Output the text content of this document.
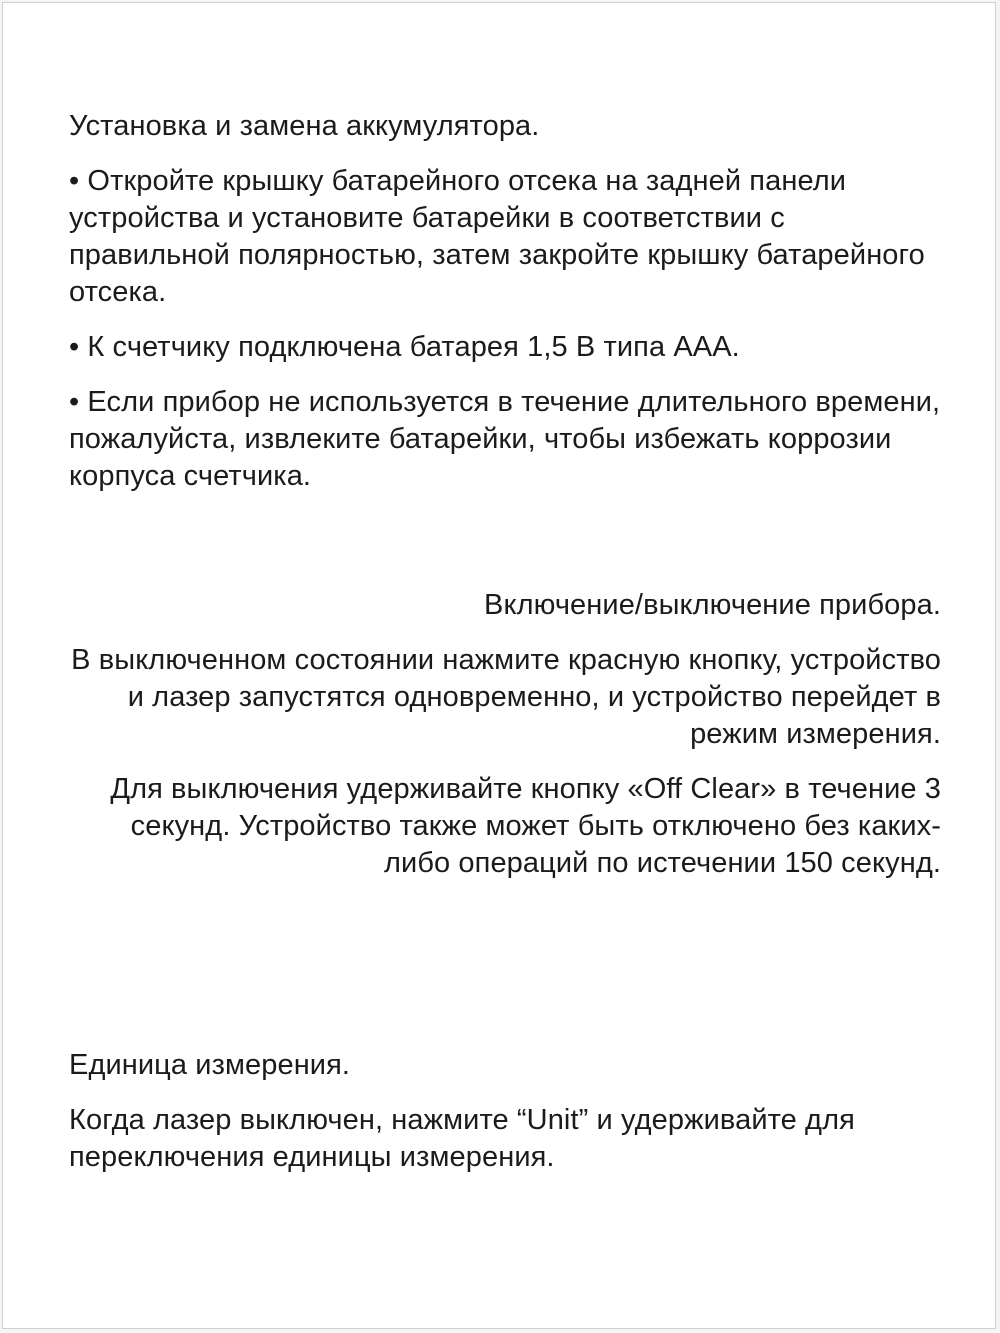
Установка и замена аккумулятора.

• Откройте крышку батарейного отсека на задней панели устройства и установите батарейки в соответствии с правильной полярностью, затем закройте крышку батарейного отсека.

• К счетчику подключена батарея 1,5 В типа AAA.

• Если прибор не используется в течение длительного времени, пожалуйста, извлеките батарейки, чтобы избежать коррозии корпуса счетчика.

Включение/выключение прибора.

В выключенном состоянии нажмите красную кнопку, устройство и лазер запустятся одновременно, и устройство перейдет в режим измерения.

Для выключения удерживайте кнопку «Off Clear» в течение 3 секунд. Устройство также может быть отключено без каких-либо операций по истечении 150 секунд.

Единица измерения.

Когда лазер выключен, нажмите “Unit” и удерживайте для переключения единицы измерения.
